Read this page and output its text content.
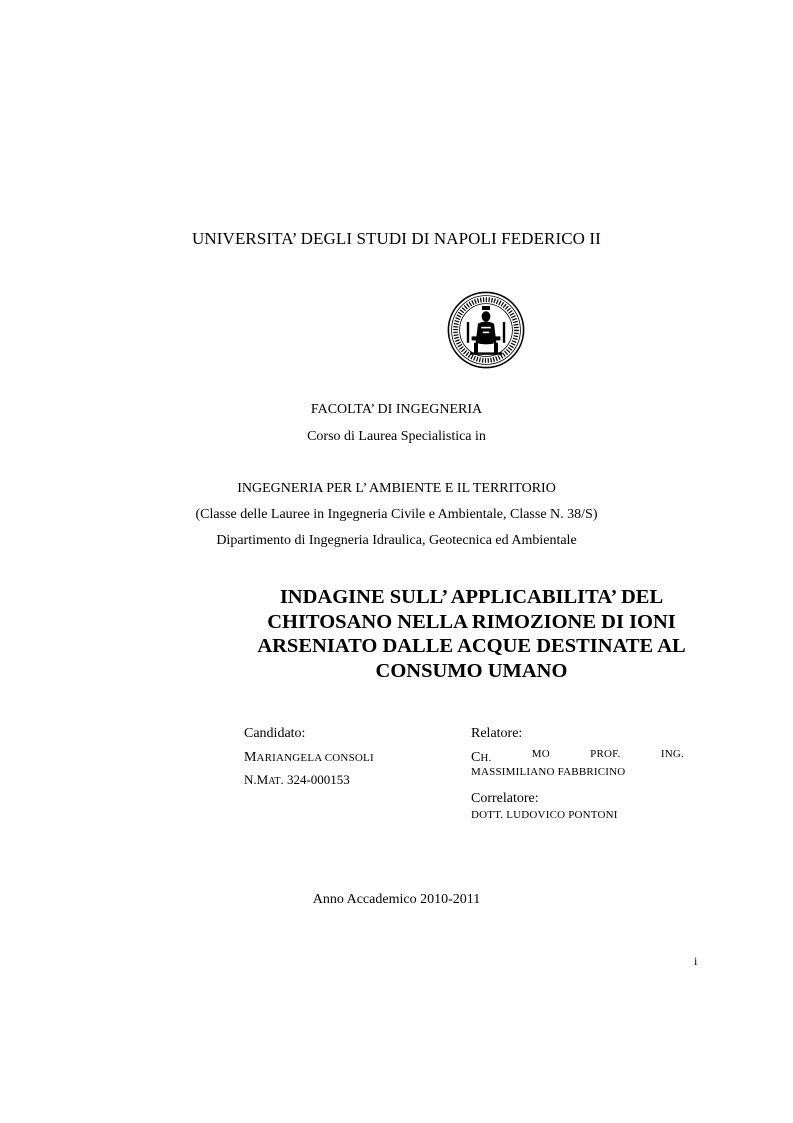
UNIVERSITA’ DEGLI STUDI DI NAPOLI FEDERICO II

FACOLTA’ DI INGEGNERIA

Corso di Laurea Specialistica in

INGEGNERIA PER L’ AMBIENTE E IL TERRITORIO

(Classe delle Lauree in Ingegneria Civile e Ambientale, Classe N. 38/S)

Dipartimento di Ingegneria Idraulica, Geotecnica ed Ambientale

INDAGINE SULL’ APPLICABILITA’ DEL
CHITOSANO NELLA RIMOZIONE DI IONI
ARSENIATO DALLE ACQUE DESTINATE AL
CONSUMO UMANO

Candidato:

MARIANGELA CONSOLI

N.MAT. 324-000153

Relatore:

CH.	MO	PROF.	ING.

MASSIMILIANO FABBRICINO

Correlatore:

DOTT. LUDOVICO PONTONI

Anno Accademico 2010-2011

i
